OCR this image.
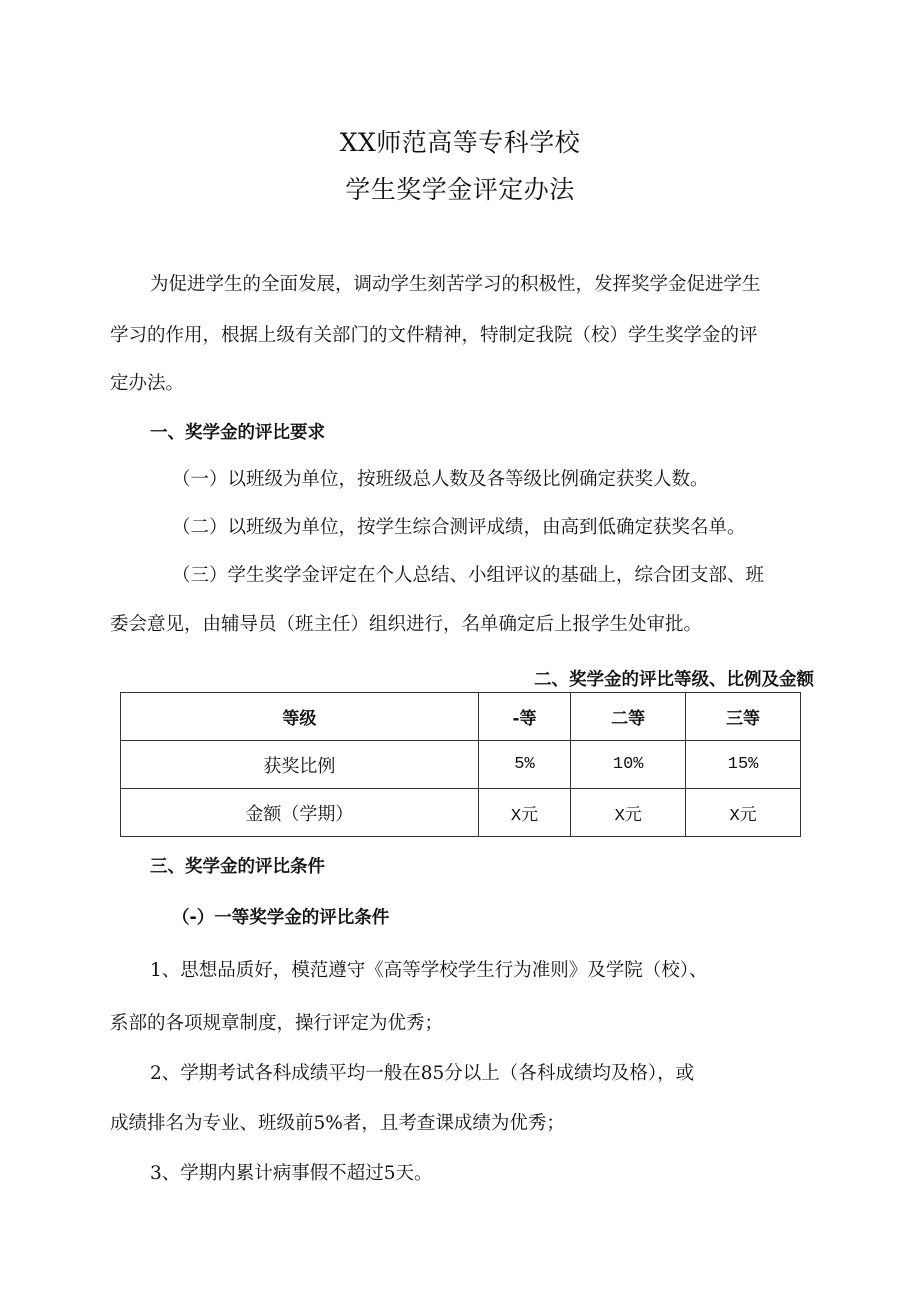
XX师范高等专科学校
学生奖学金评定办法
为促进学生的全面发展，调动学生刻苦学习的积极性，发挥奖学金促进学生
学习的作用，根据上级有关部门的文件精神，特制定我院（校）学生奖学金的评
定办法。
一、奖学金的评比要求
（一）以班级为单位，按班级总人数及各等级比例确定获奖人数。
（二）以班级为单位，按学生综合测评成绩，由高到低确定获奖名单。
（三）学生奖学金评定在个人总结、小组评议的基础上，综合团支部、班
委会意见，由辅导员（班主任）组织进行，名单确定后上报学生处审批。
二、奖学金的评比等级、比例及金额
等级	-等	二等	三等
获奖比例	5%	10%	15%
金额（学期）	X元	X元	X元
三、奖学金的评比条件
（-）一等奖学金的评比条件
1、思想品质好，模范遵守《高等学校学生行为准则》及学院（校）、
系部的各项规章制度，操行评定为优秀；
2、学期考试各科成绩平均一般在85分以上（各科成绩均及格），或
成绩排名为专业、班级前5%者，且考查课成绩为优秀；
3、学期内累计病事假不超过5天。
